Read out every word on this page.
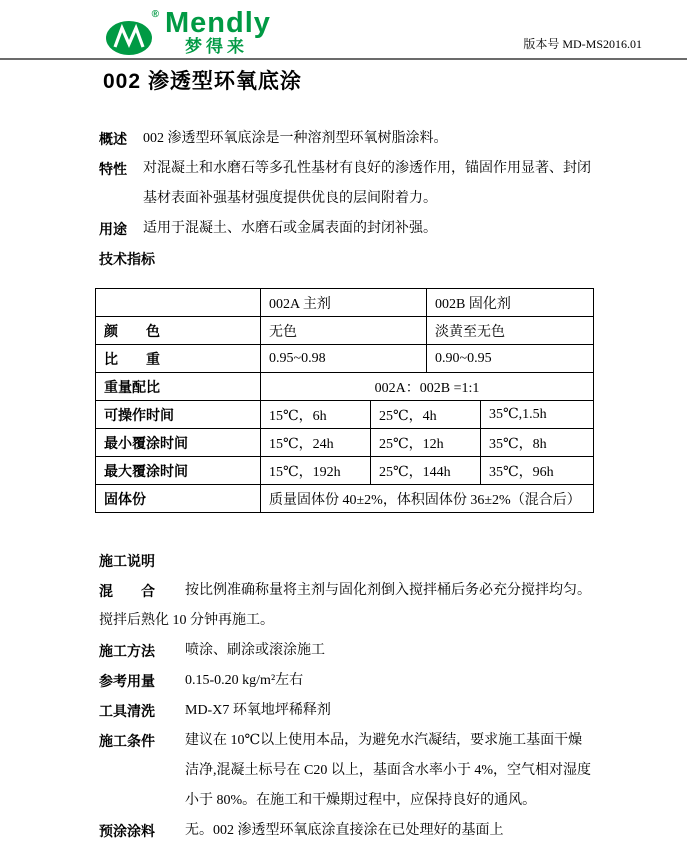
® Mendly
梦得来	版本号 MD-MS2016.01
002 渗透型环氧底涂
概述	002 渗透型环氧底涂是一种溶剂型环氧树脂涂料。
特性	对混凝土和水磨石等多孔性基材有良好的渗透作用，锚固作用显著、封闭
基材表面补强基材强度提供优良的层间附着力。
用途	适用于混凝土、水磨石或金属表面的封闭补强。
技术指标
	002A 主剂		002B 固化剂	
颜　　色	无色		淡黄至无色	
比　　重	0.95~0.98		0.90~0.95	
重量配比	002A：002B =1:1			
可操作时间	15℃，6h	25℃，4h		35℃,1.5h
最小覆涂时间	15℃，24h	25℃，12h		35℃，8h
最大覆涂时间	15℃，192h	25℃，144h		35℃，96h
固体份	质量固体份 40±2%，体积固体份 36±2%（混合后）			
施工说明
混　　合	按比例准确称量将主剂与固化剂倒入搅拌桶后务必充分搅拌均匀。
搅拌后熟化 10 分钟再施工。
施工方法	喷涂、刷涂或滚涂施工
参考用量	0.15-0.20 kg/m²左右
工具清洗	MD-X7 环氧地坪稀释剂
施工条件	建议在 10℃以上使用本品，为避免水汽凝结，要求施工基面干燥
洁净,混凝土标号在 C20 以上，基面含水率小于 4%，空气相对湿度
小于 80%。在施工和干燥期过程中，应保持良好的通风。
预涂涂料	无。002 渗透型环氧底涂直接涂在已处理好的基面上
